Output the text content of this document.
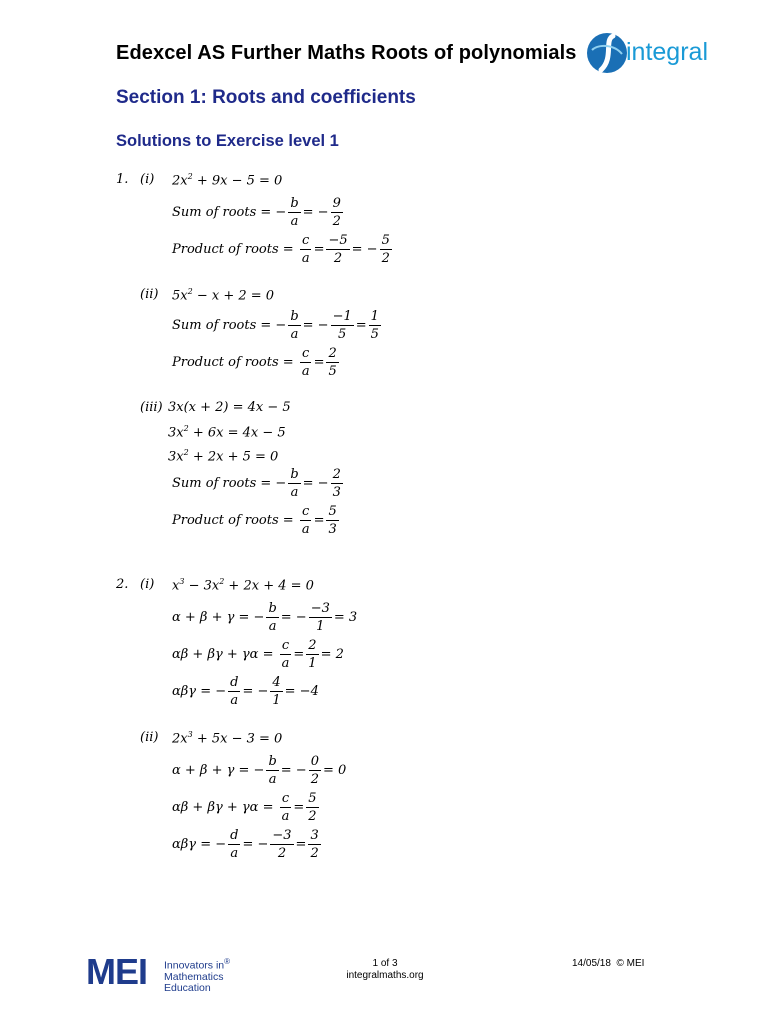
Edexcel AS Further Maths Roots of polynomials integral
Section 1: Roots and coefficients
Solutions to Exercise level 1
1. (i) $2x^2 + 9x - 5 = 0$
Sum of roots = − $\frac{b}{a}$ = − $\frac{9}{2}$
Product of roots = $\frac{c}{a} = \frac{-5}{2}$ = − $\frac{5}{2}$
(ii) $5x^2 - x + 2 = 0$
Sum of roots = − $\frac{b}{a}$ = − $\frac{-1}{5} = \frac{1}{5}$
Product of roots = $\frac{c}{a} = \frac{2}{5}$
(iii) 3x(x + 2) = 4x − 5
$3x^2 + 6x = 4x - 5$
$3x^2 + 2x + 5 = 0$
Sum of roots = − $\frac{b}{a}$ = − $\frac{2}{3}$
Product of roots = $\frac{c}{a} = \frac{5}{3}$
2. (i) $x^3 - 3x^2 + 2x + 4 = 0$
α + β + γ = − $\frac{b}{a}$ = − $\frac{-3}{1} = 3$
$\alpha\beta + \beta\gamma + \gamma\alpha = \frac{c}{a} = \frac{2}{1} = 2$
αβγ = − $\frac{d}{a}$ = − $\frac{4}{1} = -4$
(ii) $2x^3 + 5x - 3 = 0$
α + β + γ = − $\frac{b}{a}$ = − $\frac{0}{2} = 0$
$\alpha\beta + \beta\gamma + \gamma\alpha = \frac{c}{a} = \frac{5}{2}$
αβγ = − $\frac{d}{a}$ = − $\frac{-3}{2} = \frac{3}{2}$
MEI Innovators in®
Mathematics
Education
1 of 3
integralmaths.org
14/05/18 © MEI
